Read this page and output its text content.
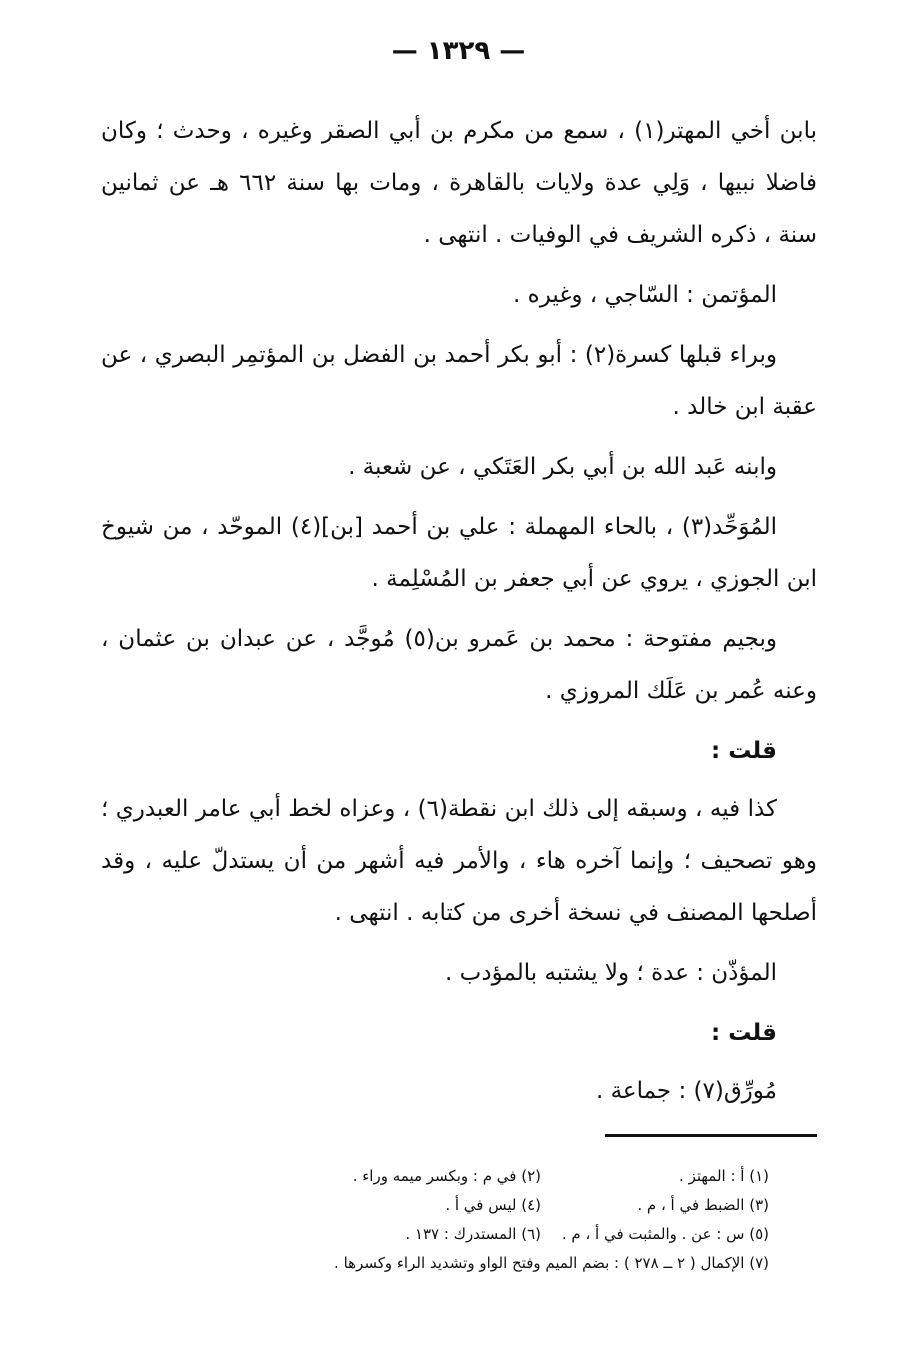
— ١٣٢٩ —

بابن أخي المهتر(١) ، سمع من مكرم بن أبي الصقر وغيره ، وحدث ؛ وكان فاضلا نبيها ، وَلِي عدة ولايات بالقاهرة ، ومات بها سنة ٦٦٢ هـ عن ثمانين سنة ، ذكره الشريف في الوفيات . انتهى .

المؤتمن : السّاجي ، وغيره .

وبراء قبلها كسرة(٢) : أبو بكر أحمد بن الفضل بن المؤتمِر البصري ، عن عقبة ابن خالد .

وابنه عَبد الله بن أبي بكر العَتَكي ، عن شعبة .

المُوَحِّد(٣) ، بالحاء المهملة : علي بن أحمد [بن](٤) الموحّد ، من شيوخ ابن الجوزي ، يروي عن أبي جعفر بن المُسْلِمة .

وبجيم مفتوحة : محمد بن عَمرو بن(٥) مُوجَّد ، عن عبدان بن عثمان ، وعنه عُمر بن عَلَك المروزي .

قلت :

كذا فيه ، وسبقه إلى ذلك ابن نقطة(٦) ، وعزاه لخط أبي عامر العبدري ؛ وهو تصحيف ؛ وإنما آخره هاء ، والأمر فيه أشهر من أن يستدلّ عليه ، وقد أصلحها المصنف في نسخة أخرى من كتابه . انتهى .

المؤذّن : عدة ؛ ولا يشتبه بالمؤدب .

قلت :

مُورِّق(٧) : جماعة .

(١) أ : المهتز .
(٢) في م : وبكسر ميمه وراء .
(٣) الضبط في أ ، م .
(٤) ليس في أ .
(٥) س : عن . والمثبت في أ ، م .
(٦) المستدرك : ١٣٧ .
(٧) الإكمال ( ٢ ــ ٢٧٨ ) : بضم الميم وفتح الواو وتشديد الراء وكسرها .
